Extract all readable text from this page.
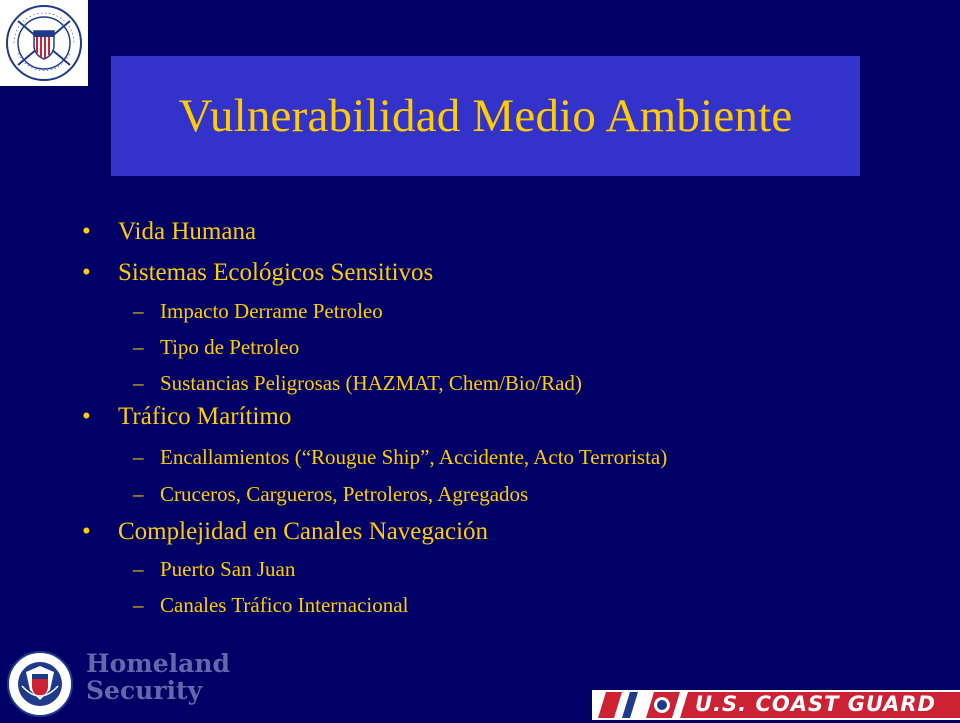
Vulnerabilidad Medio Ambiente
• Vida Humana
• Sistemas Ecológicos Sensitivos
– Impacto Derrame Petroleo
– Tipo de Petroleo
– Sustancias Peligrosas (HAZMAT, Chem/Bio/Rad)
• Tráfico Marítimo
– Encallamientos (“Rougue Ship”, Accidente, Acto Terrorista)
– Cruceros, Cargueros, Petroleros, Agregados
• Complejidad en Canales Navegación
– Puerto San Juan
– Canales Tráfico Internacional
Homeland
Security	U.S. COAST GUARD
